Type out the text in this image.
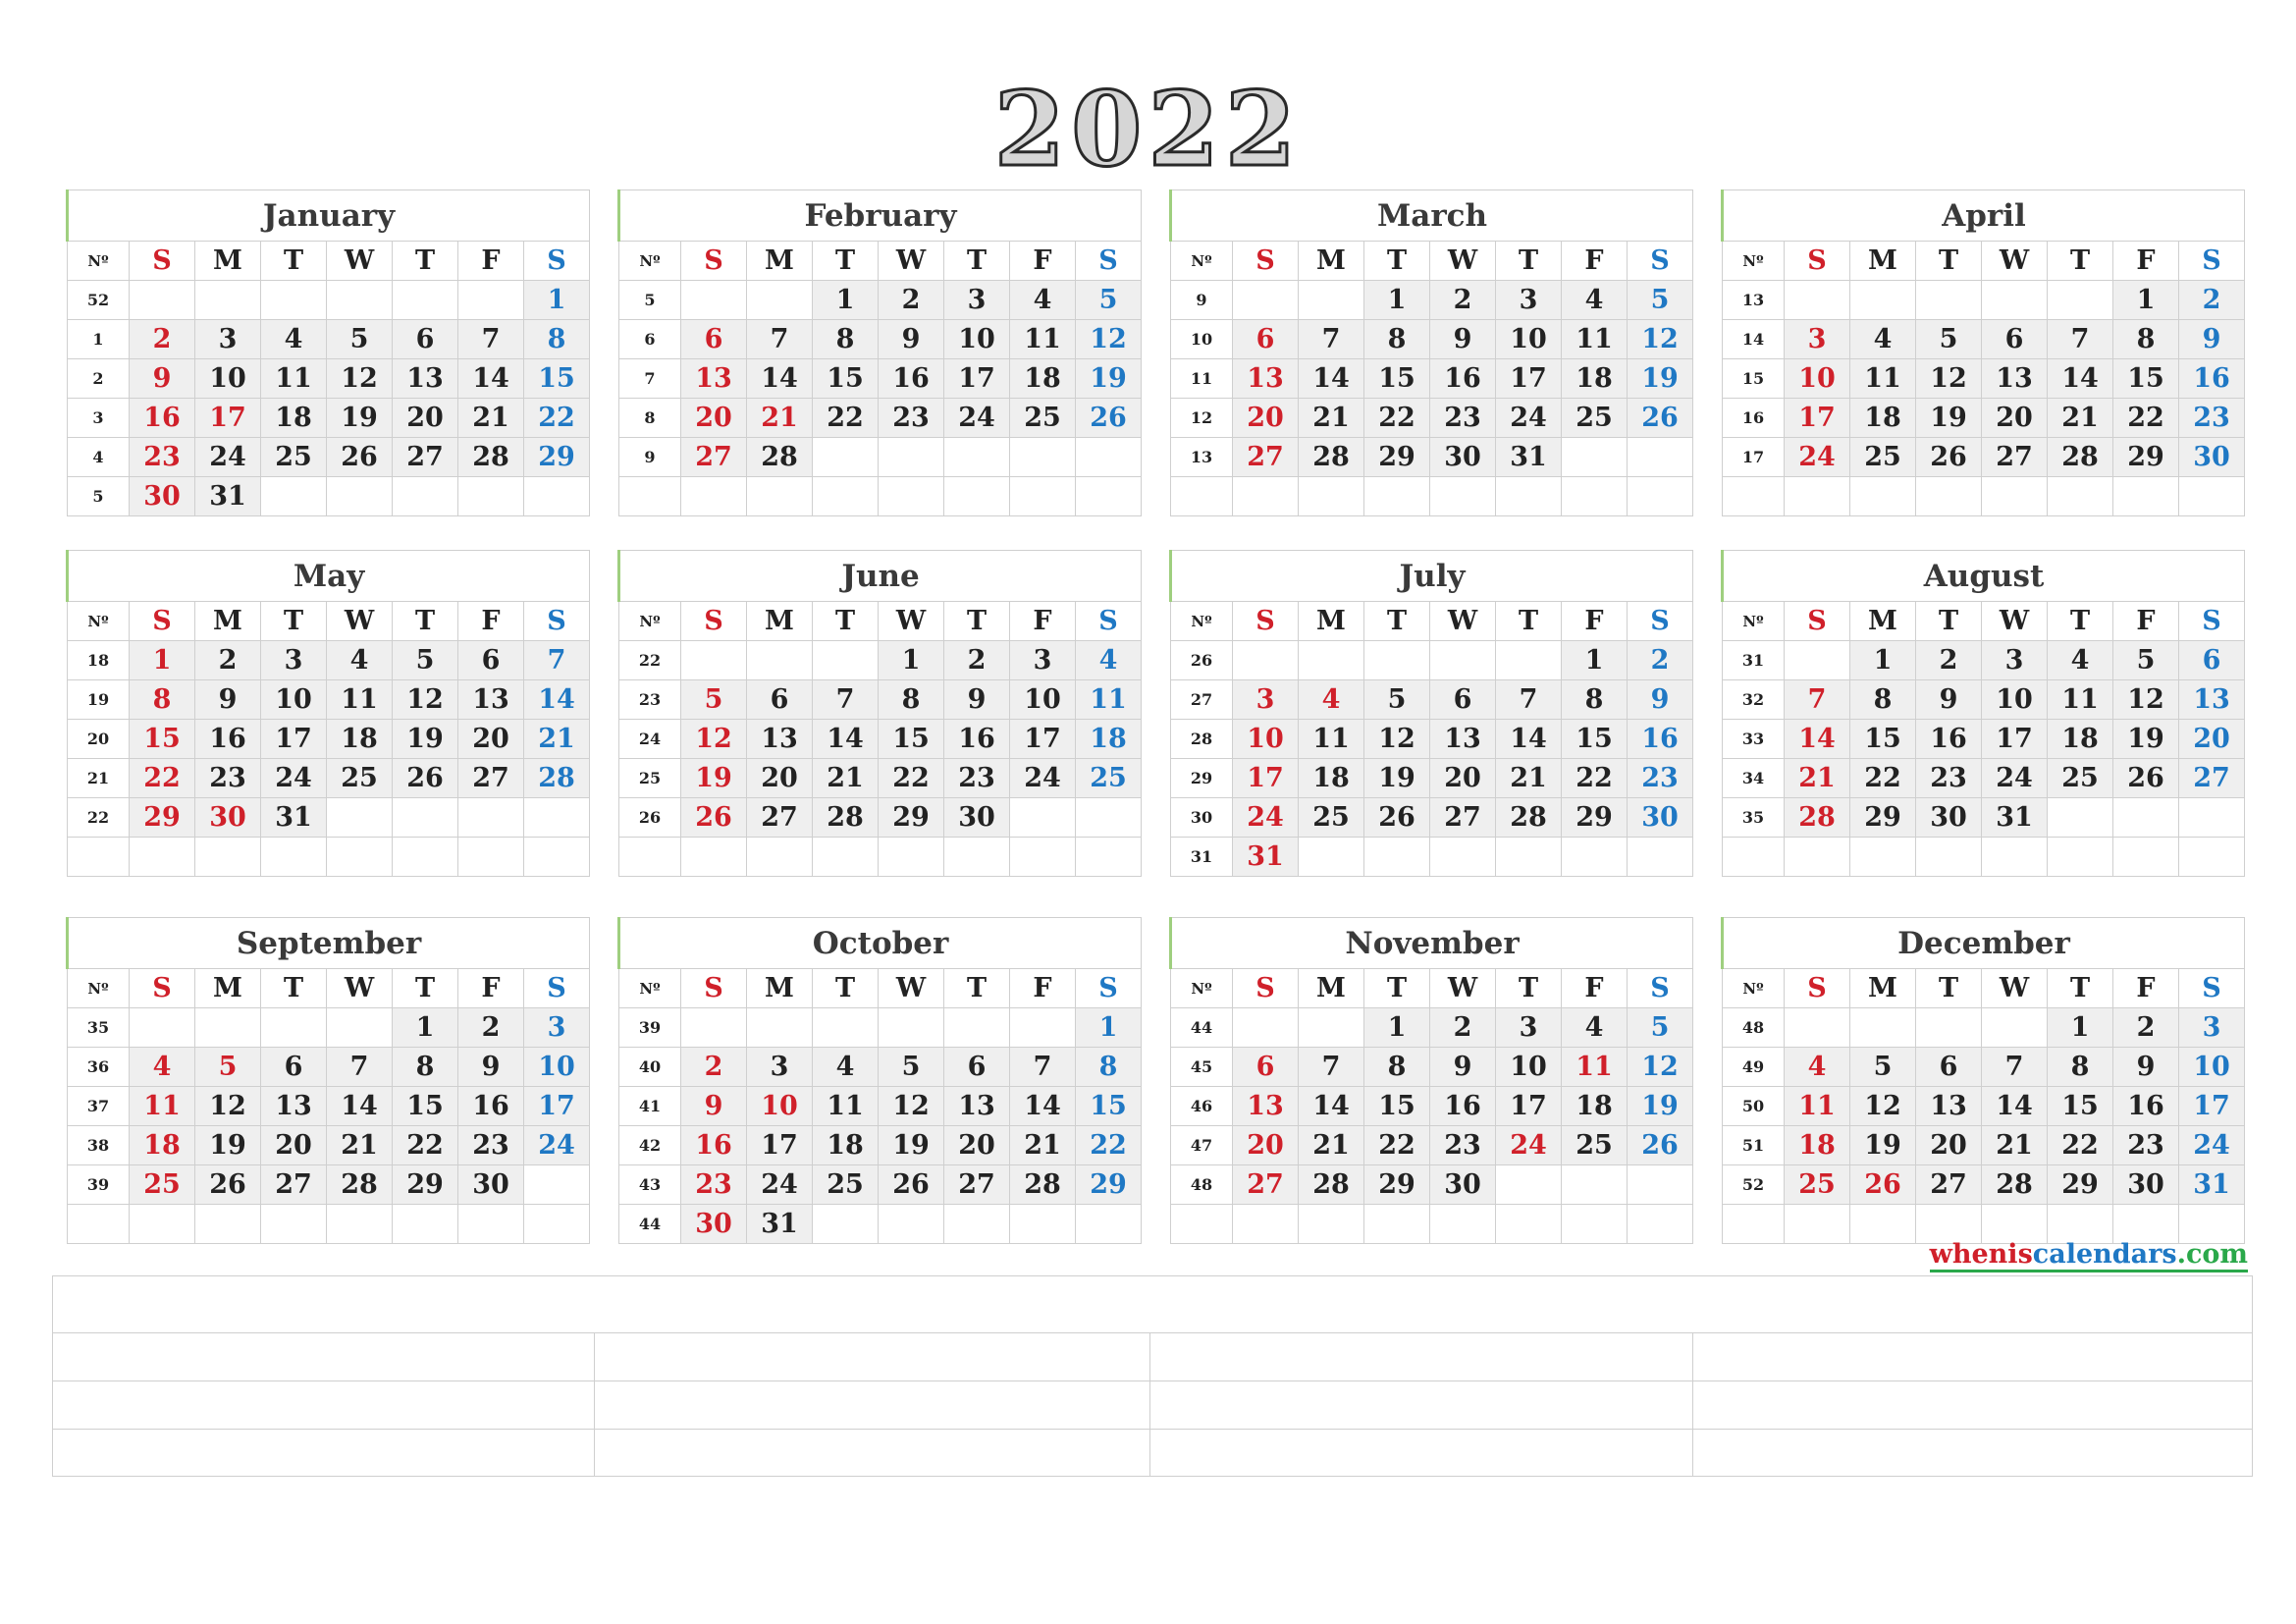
2022
January							
Nº	S	M	T	W	T	F	S
52							1
1	2	3	4	5	6	7	8
2	9	10	11	12	13	14	15
3	16	17	18	19	20	21	22
4	23	24	25	26	27	28	29
5	30	31					
February							
Nº	S	M	T	W	T	F	S
5			1	2	3	4	5
6	6	7	8	9	10	11	12
7	13	14	15	16	17	18	19
8	20	21	22	23	24	25	26
9	27	28					

March							
Nº	S	M	T	W	T	F	S
9			1	2	3	4	5
10	6	7	8	9	10	11	12
11	13	14	15	16	17	18	19
12	20	21	22	23	24	25	26
13	27	28	29	30	31		

April							
Nº	S	M	T	W	T	F	S
13						1	2
14	3	4	5	6	7	8	9
15	10	11	12	13	14	15	16
16	17	18	19	20	21	22	23
17	24	25	26	27	28	29	30

May							
Nº	S	M	T	W	T	F	S
18	1	2	3	4	5	6	7
19	8	9	10	11	12	13	14
20	15	16	17	18	19	20	21
21	22	23	24	25	26	27	28
22	29	30	31				

June							
Nº	S	M	T	W	T	F	S
22				1	2	3	4
23	5	6	7	8	9	10	11
24	12	13	14	15	16	17	18
25	19	20	21	22	23	24	25
26	26	27	28	29	30		

July							
Nº	S	M	T	W	T	F	S
26						1	2
27	3	4	5	6	7	8	9
28	10	11	12	13	14	15	16
29	17	18	19	20	21	22	23
30	24	25	26	27	28	29	30
31	31						
August							
Nº	S	M	T	W	T	F	S
31		1	2	3	4	5	6
32	7	8	9	10	11	12	13
33	14	15	16	17	18	19	20
34	21	22	23	24	25	26	27
35	28	29	30	31			

September							
Nº	S	M	T	W	T	F	S
35					1	2	3
36	4	5	6	7	8	9	10
37	11	12	13	14	15	16	17
38	18	19	20	21	22	23	24
39	25	26	27	28	29	30	

October							
Nº	S	M	T	W	T	F	S
39							1
40	2	3	4	5	6	7	8
41	9	10	11	12	13	14	15
42	16	17	18	19	20	21	22
43	23	24	25	26	27	28	29
44	30	31					
November							
Nº	S	M	T	W	T	F	S
44			1	2	3	4	5
45	6	7	8	9	10	11	12
46	13	14	15	16	17	18	19
47	20	21	22	23	24	25	26
48	27	28	29	30			

December							
Nº	S	M	T	W	T	F	S
48					1	2	3
49	4	5	6	7	8	9	10
50	11	12	13	14	15	16	17
51	18	19	20	21	22	23	24
52	25	26	27	28	29	30	31

wheniscalendars.com
